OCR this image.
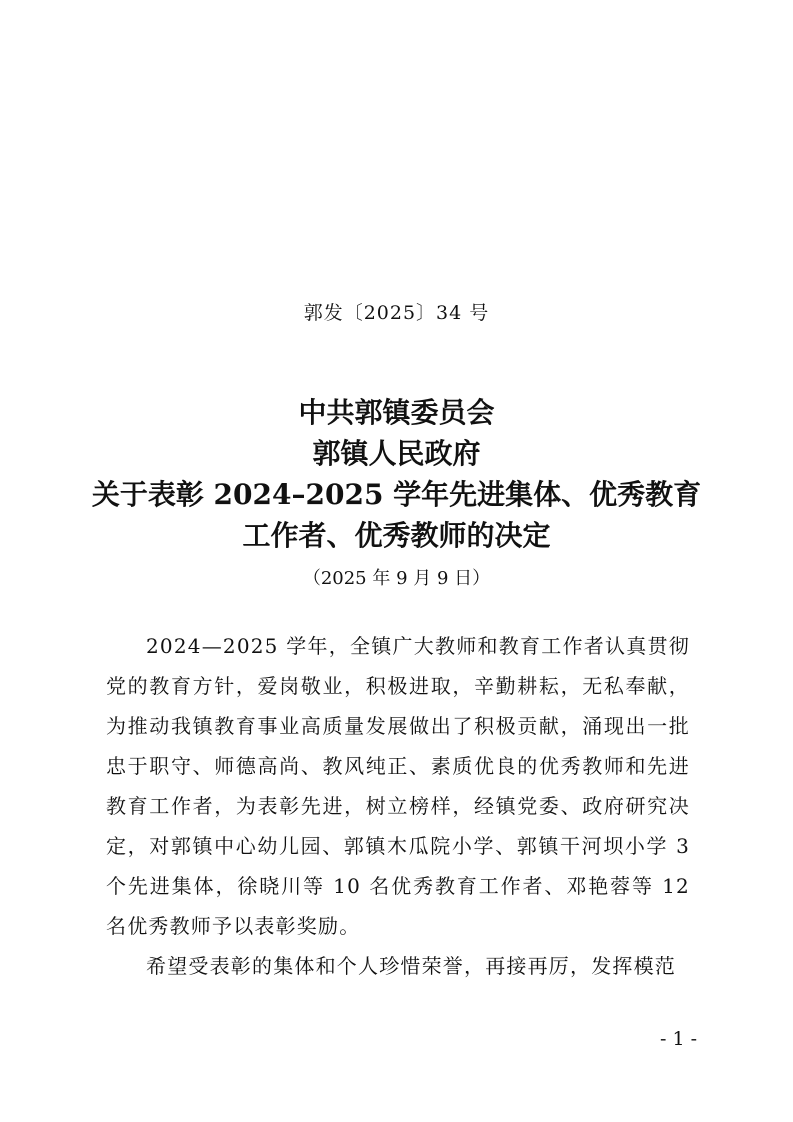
郭发〔2025〕34 号
中共郭镇委员会
郭镇人民政府
关于表彰 2024–2025 学年先进集体、优秀教育
工作者、优秀教师的决定
（2025 年 9 月 9 日）

2024—2025 学年，全镇广大教师和教育工作者认真贯彻党的教育方针，爱岗敬业，积极进取，辛勤耕耘，无私奉献，为推动我镇教育事业高质量发展做出了积极贡献，涌现出一批忠于职守、师德高尚、教风纯正、素质优良的优秀教师和先进教育工作者，为表彰先进，树立榜样，经镇党委、政府研究决定，对郭镇中心幼儿园、郭镇木瓜院小学、郭镇干河坝小学 3 个先进集体，徐晓川等 10 名优秀教育工作者、邓艳蓉等 12 名优秀教师予以表彰奖励。

希望受表彰的集体和个人珍惜荣誉，再接再厉，发挥模范

- 1 -
